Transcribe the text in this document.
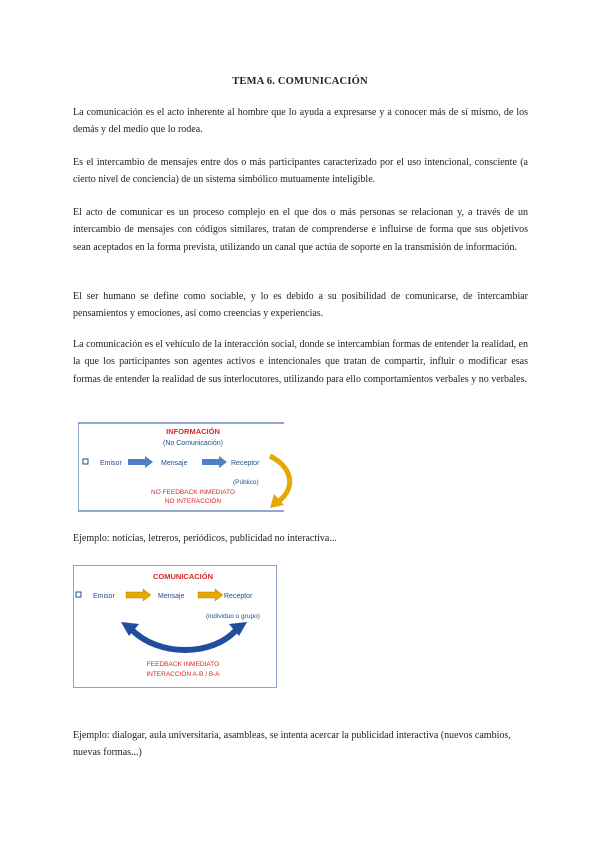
TEMA 6. COMUNICACIÓN

La comunicación es el acto inherente al hombre que lo ayuda a expresarse y a conocer más de sí mismo, de los demás y del medio que lo rodea.

Es el intercambio de mensajes entre dos o más participantes caracterizado por el uso intencional, consciente (a cierto nivel de conciencia) de un sistema simbólico mutuamente inteligible.

El acto de comunicar es un proceso complejo en el que dos o más personas se relacionan y, a través de un intercambio de mensajes con códigos similares, tratan de comprenderse e influirse de forma que sus objetivos sean aceptados en la forma prevista, utilizando un canal que actúa de soporte en la transmisión de información.

El ser humano se define como sociable, y lo es debido a su posibilidad de comunicarse, de intercambiar pensamientos y emociones, así como creencias y experiencias.

La comunicación es el vehículo de la interacción social, donde se intercambian formas de entender la realidad, en la que los participantes son agentes activos e intencionales que tratan de compartir, influir o modificar esas formas de entender la realidad de sus interlocutores, utilizando para ello comportamientos verbales y no verbales.

INFORMACIÓN
(No Comunicación)
Emisor	Mensaje	Receptor
(Público)
NO FEEDBACK INMEDIATO
NO INTERACCIÓN

Ejemplo: noticias, letreros, periódicos, publicidad no interactiva...

COMUNICACIÓN
Emisor	Mensaje	Receptor
(individuo o grupo)
FEEDBACK INMEDIATO
INTERACCIÓN A-B / B-A

Ejemplo: dialogar, aula universitaria, asambleas, se intenta acercar la publicidad interactiva (nuevos cambios, nuevas formas...)
